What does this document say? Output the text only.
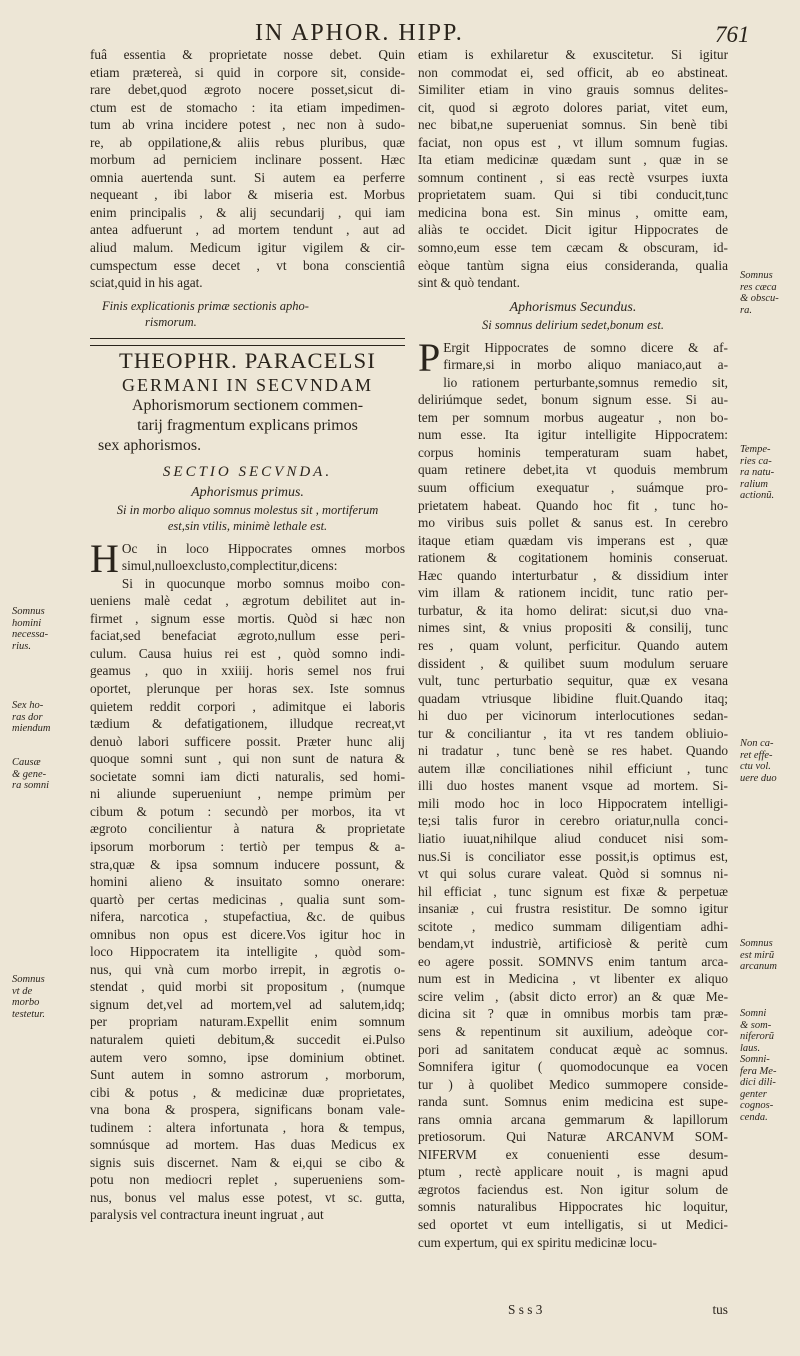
IN APHOR. HIPP.	761
fuâ essentia & proprietate nosse debet. Quin
etiam prætereà, si quid in corpore sit, conside-
rare debet,quod ægroto nocere posset,sicut di-
ctum est de stomacho : ita etiam impedimen-
tum ab vrina incidere potest , nec non à sudo-
re, ab oppilatione,& aliis rebus pluribus, quæ
morbum ad perniciem inclinare possent. Hæc
omnia auertenda sunt. Si autem ea perferre
nequeant , ibi labor & miseria est. Morbus
enim principalis , & alij secundarij , qui iam
antea adfuerunt , ad mortem tendunt , aut ad
aliud malum. Medicum igitur vigilem & cir-
cumspectum esse decet , vt bona conscientiâ
sciat,quid in his agat.
Finis explicationis primæ sectionis apho-
rismorum.
THEOPHR. PARACELSI
GERMANI IN SECVNDAM
Aphorismorum sectionem commen-
tarij fragmentum explicans primos
sex aphorismos.
SECTIO SECVNDA.
Aphorismus primus.
Si in morbo aliquo somnus molestus sit , mortiferum
est,sin vtilis, minimè lethale est.
H Oc in loco Hippocrates omnes morbos
simul,nulloexclusto,complectitur,dicens:
Si in quocunque morbo somnus moibo con-
ueniens malè cedat , ægrotum debilitet aut in-
firmet , signum esse mortis. Quòd si hæc non
faciat,sed benefaciat ægroto,nullum esse peri-
culum. Causa huius rei est , quòd somno indi-
geamus , quo in xxiiij. horis semel nos frui
oportet, plerunque per horas sex. Iste somnus
quietem reddit corpori , adimitque ei laboris
tædium & defatigationem, illudque recreat,vt
denuò labori sufficere possit. Præter hunc alij
quoque somni sunt , qui non sunt de natura &
societate somni iam dicti naturalis, sed homi-
ni aliunde superueniunt , nempe primùm per
cibum & potum : secundò per morbos, ita vt
ægroto concilientur à natura & proprietate
ipsorum morborum : tertiò per tempus & a-
stra,quæ & ipsa somnum inducere possunt, &
homini alieno & insuitato somno onerare:
quartò per certas medicinas , qualia sunt som-
nifera, narcotica , stupefactiua, &c. de quibus
omnibus non opus est dicere.Vos igitur hoc in
loco Hippocratem ita intelligite , quòd som-
nus, qui vnà cum morbo irrepit, in ægrotis o-
stendat , quid morbi sit propositum , (numque
signum det,vel ad mortem,vel ad salutem,idq;
per propriam naturam.Expellit enim somnum
naturalem quieti debitum,& succedit ei.Pulso
autem vero somno, ipse dominium obtinet.
Sunt autem in somno astrorum , morborum,
cibi & potus , & medicinæ duæ proprietates,
vna bona & prospera, significans bonam vale-
tudinem : altera infortunata , hora & tempus,
somnúsque ad mortem. Has duas Medicus ex
signis suis discernet. Nam & ei,qui se cibo &
potu non mediocri replet , superueniens som-
nus, bonus vel malus esse potest, vt sc. gutta,
paralysis vel contractura ineunt ingruat , aut
etiam is exhilaretur & exuscitetur. Si igitur
non commodat ei, sed officit, ab eo abstineat.
Similiter etiam in vino grauis somnus delites-
cit, quod si ægroto dolores pariat, vitet eum,
nec bibat,ne superueniat somnus. Sin benè tibi
faciat, non opus est , vt illum somnum fugias.
Ita etiam medicinæ quædam sunt , quæ in se
somnum continent , si eas rectè vsurpes iuxta
proprietatem suam. Qui si tibi conducit,tunc
medicina bona est. Sin minus , omitte eam,
aliàs te occidet. Dicit igitur Hippocrates de
somno,eum esse tem cæcam & obscuram, id-
eòque tantùm signa eius considerandа, qualia
sint & quò tendant.
Aphorismus Secundus.
Si somnus delirium sedet,bonum est.
P Ergit Hippocrates de somno dicere & af-
firmare,si in morbo aliquo maniaco,aut a-
lio rationem perturbante,somnus remedio sit,
deliriúmque sedet, bonum signum esse. Si au-
tem per somnum morbus augeatur , non bo-
num esse. Ita igitur intelligite Hippocratem:
corpus hominis temperaturam suam habet,
quam retinere debet,ita vt quoduis membrum
suum officium exequatur , suámque pro-
prietatem habeat. Quando hoc fit , tunc ho-
mo viribus suis pollet & sanus est. In cerebro
itaque etiam quædam vis imperans est , quæ
rationem & cogitationem hominis conseruat.
Hæc quando interturbatur , & dissidium inter
vim illam & rationem incidit, tunc ratio per-
turbatur, & ita homo delirat: sicut,si duo vna-
nimes sint, & vnius propositi & consilij, tunc
res , quam volunt, perficitur. Quando autem
dissident , & quilibet suum modulum seruare
vult, tunc perturbatio sequitur, quæ ex vesana
quadam vtriusque libidine fluit.Quando itaq;
hi duo per vicinorum interlocutiones sedan-
tur & conciliantur , ita vt res tandem obliuio-
ni tradatur , tunc benè se res habet. Quando
autem illæ conciliationes nihil efficiunt , tunc
illi duo hostes manent vsque ad mortem. Si-
mili modo hoc in loco Hippocratem intelligi-
te;si talis furor in cerebro oriatur,nulla conci-
liatio iuuat,nihilque aliud conducet nisi som-
nus.Si is conciliator esse possit,is optimus est,
vt qui solus curare valeat. Quòd si somnus ni-
hil efficiat , tunc signum est fixæ & perpetuæ
insaniæ , cui frustra resistitur. De somno igitur
scitote , medico summam diligentiam adhi-
bendam,vt industriè, artificiosè & peritè cum
eo agere possit. SOMNVS enim tantum arca-
num est in Medicina , vt libenter ex aliquo
scire velim , (absit dicto error) an & quæ Me-
dicina sit ? quæ in omnibus morbis tam præ-
sens & repentinum sit auxilium, adeòque cor-
pori ad sanitatem conducat æquè ac somnus.
Somnifera igitur ( quomodocunque ea vocen
tur ) à quolibet Medico summopere conside-
randa sunt. Somnus enim medicina est supe-
rans omnia arcana gemmarum & lapillorum
pretiosorum. Qui Naturæ ARCANVM SOM-
NIFERVM ex conuenienti esse desum-
ptum , rectè applicare nouit , is magni apud
ægrotos faciendus est. Non igitur solum de
somnis naturalibus Hippocrates hic loquitur,
sed oportet vt eum intelligatis, si ut Medici-
cum expertum, qui ex spiritu medicinæ locu-
S s s 3	tus
Somnus
homini
necessa-
rius.
Sex ho-
ras dor
miendum
Causæ
& gene-
ra somni
Somnus
vt de
morbo
testetur.
Somnus
res cæca
& obscu-
ra.
Tempe-
ries ca-
ra natu-
ralium
actionũ.
Non ca-
ret effe-
ctu vol.
uere duo
Somnus
est mirũ
arcanum
Somni
& som-
niferorũ
laus.
Somni-
fera Me-
dici dili-
genter
cognos-
cenda.
